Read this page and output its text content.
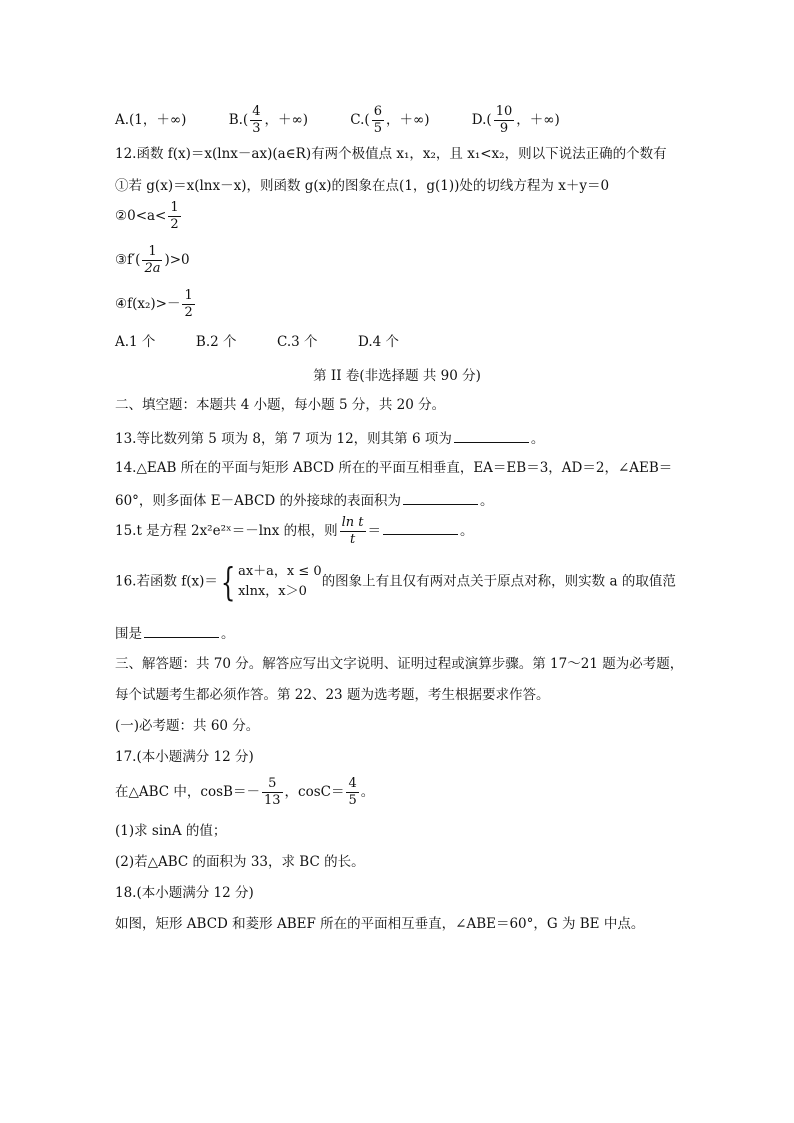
A.(1，＋∞)	$B.( \frac{4}{3}$ ，＋∞)	$C.( \frac{6}{5}$ ，＋∞)	$D.( \frac{10}{9}$ ，＋∞)
12.函数 f(x)＝x(lnx－ax)(a∈R)有两个极值点 x₁，x₂，且 x₁<x₂，则以下说法正确的个数有
①若 g(x)＝x(lnx－x)，则函数 g(x)的图象在点(1，g(1))处的切线方程为 x＋y＝0
②0<a< $\frac{1}{2}$
③f′( $\frac{1}{2a} )>0$
④f(x₂)>－ $\frac{1}{2}$
A.1 个　　　B.2 个　　　C.3 个　　　D.4 个
第 II 卷(非选择题 共 90 分)
二、填空题：本题共 4 小题，每小题 5 分，共 20 分。
13.等比数列第 5 项为 8，第 7 项为 12，则其第 6 项为	。
14.△EAB 所在的平面与矩形 ABCD 所在的平面互相垂直，EA＝EB＝3，AD＝2，∠AEB＝
60°，则多面体 E－ABCD 的外接球的表面积为	。
15.t 是方程 2x²e²ˣ＝－lnx 的根，则 $\frac{\text{ln t}}{t}$ ＝	。
16.若函数 f(x)＝{ ax＋a，x ≤ 0
xlnx，x＞0
的图象上有且仅有两对点关于原点对称，则实数 a 的取值范
围是	。
三、解答题：共 70 分。解答应写出文字说明、证明过程或演算步骤。第 17～21 题为必考题，
每个试题考生都必须作答。第 22、23 题为选考题，考生根据要求作答。
(一)必考题：共 60 分。
17.(本小题满分 12 分)
在△ABC 中，$\cos B=- \frac{5}{13}$ ，$\cos C= \frac{4}{5}$ 。
(1)求 sinA 的值；
(2)若△ABC 的面积为 33，求 BC 的长。
18.(本小题满分 12 分)
如图，矩形 ABCD 和菱形 ABEF 所在的平面相互垂直，∠ABE＝60°，G 为 BE 中点。
